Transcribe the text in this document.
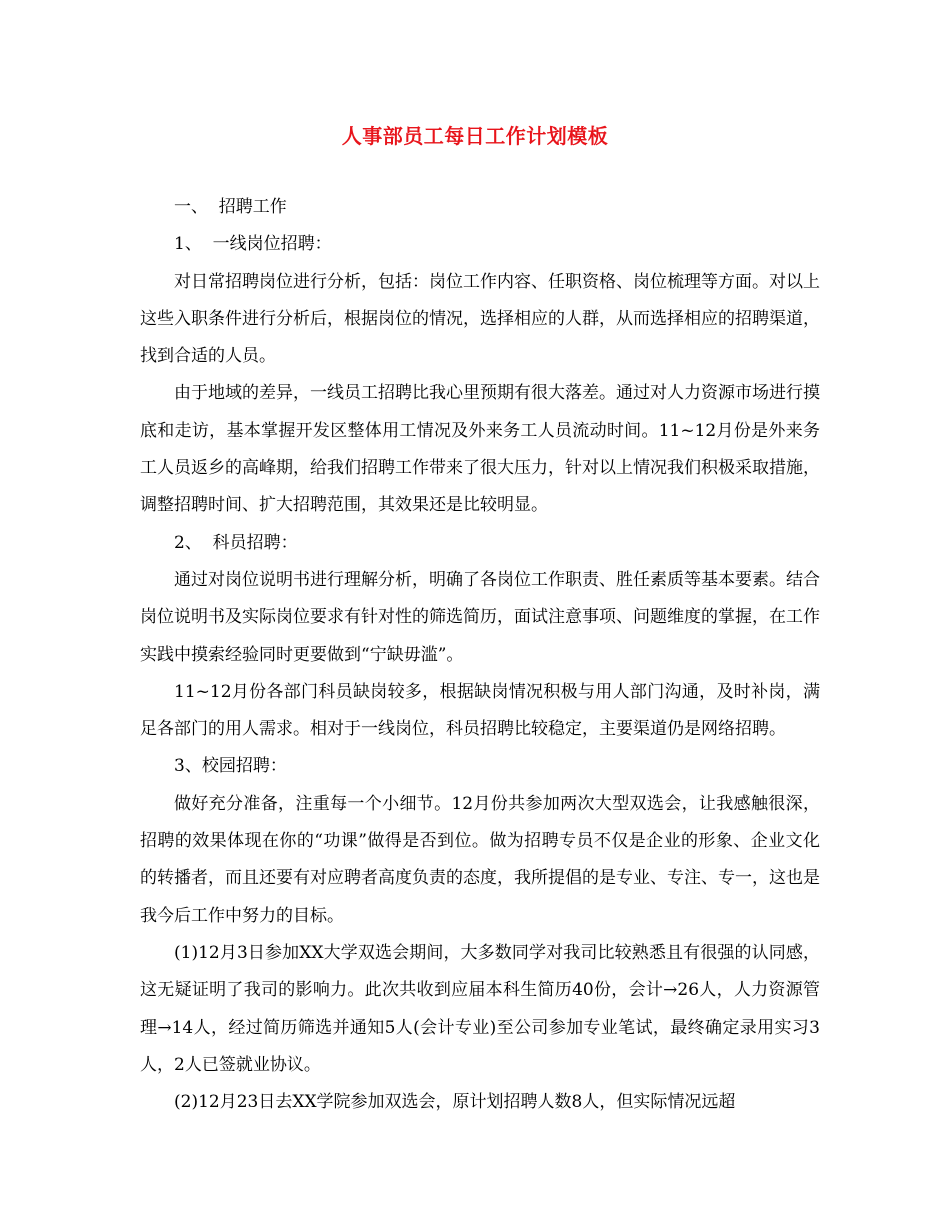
人事部员工每日工作计划模板
一、  招聘工作
1、  一线岗位招聘：
对日常招聘岗位进行分析，包括：岗位工作内容、任职资格、岗位梳理等方面。对以上这些入职条件进行分析后，根据岗位的情况，选择相应的人群，从而选择相应的招聘渠道，找到合适的人员。
由于地域的差异，一线员工招聘比我心里预期有很大落差。通过对人力资源市场进行摸底和走访，基本掌握开发区整体用工情况及外来务工人员流动时间。11~12月份是外来务工人员返乡的高峰期，给我们招聘工作带来了很大压力，针对以上情况我们积极采取措施，调整招聘时间、扩大招聘范围，其效果还是比较明显。
2、  科员招聘：
通过对岗位说明书进行理解分析，明确了各岗位工作职责、胜任素质等基本要素。结合岗位说明书及实际岗位要求有针对性的筛选简历，面试注意事项、问题维度的掌握，在工作实践中摸索经验同时更要做到“宁缺毋滥”。
11~12月份各部门科员缺岗较多，根据缺岗情况积极与用人部门沟通，及时补岗，满足各部门的用人需求。相对于一线岗位，科员招聘比较稳定，主要渠道仍是网络招聘。
3、校园招聘：
做好充分准备，注重每一个小细节。12月份共参加两次大型双选会，让我感触很深，招聘的效果体现在你的“功课”做得是否到位。做为招聘专员不仅是企业的形象、企业文化的转播者，而且还要有对应聘者高度负责的态度，我所提倡的是专业、专注、专一，这也是我今后工作中努力的目标。
(1)12月3日参加XX大学双选会期间，大多数同学对我司比较熟悉且有很强的认同感，这无疑证明了我司的影响力。此次共收到应届本科生简历40份，会计→26人，人力资源管理→14人，经过简历筛选并通知5人(会计专业)至公司参加专业笔试，最终确定录用实习3人，2人已签就业协议。
(2)12月23日去XX学院参加双选会，原计划招聘人数8人，但实际情况远超
